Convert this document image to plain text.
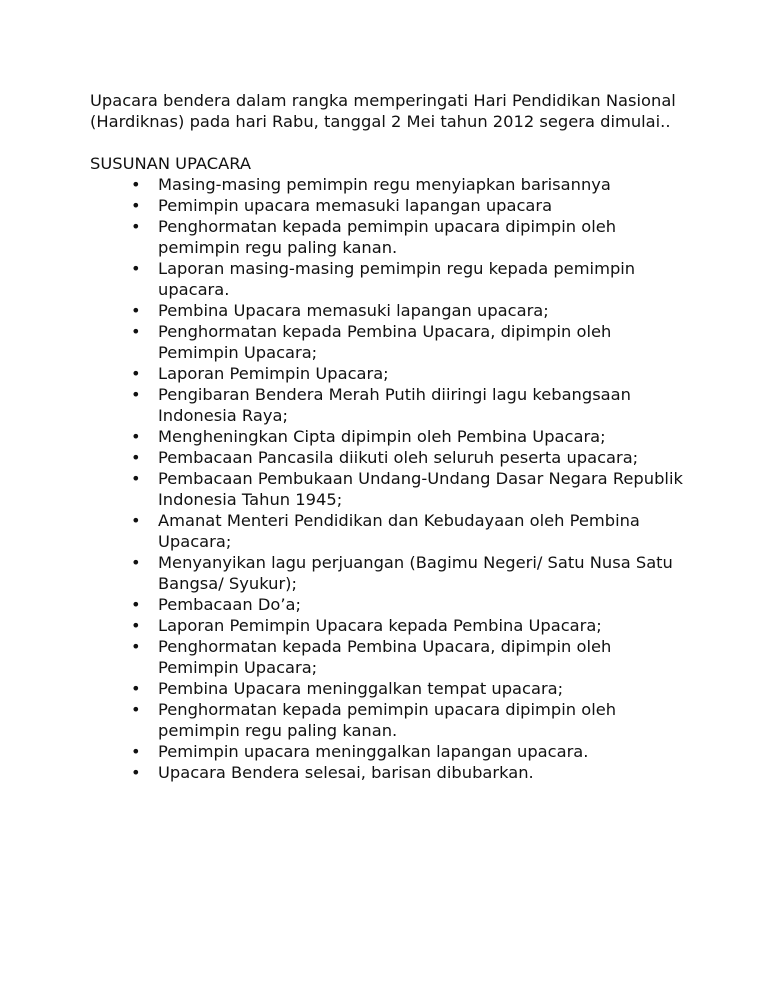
Upacara bendera dalam rangka memperingati Hari Pendidikan Nasional
(Hardiknas) pada hari Rabu, tanggal 2 Mei tahun 2012 segera dimulai..

SUSUNAN UPACARA

• Masing-masing pemimpin regu menyiapkan barisannya
• Pemimpin upacara memasuki lapangan upacara
• Penghormatan kepada pemimpin upacara dipimpin oleh pemimpin regu paling kanan.
• Laporan masing-masing pemimpin regu kepada pemimpin upacara.
• Pembina Upacara memasuki lapangan upacara;
• Penghormatan kepada Pembina Upacara, dipimpin oleh Pemimpin Upacara;
• Laporan Pemimpin Upacara;
• Pengibaran Bendera Merah Putih diiringi lagu kebangsaan Indonesia Raya;
• Mengheningkan Cipta dipimpin oleh Pembina Upacara;
• Pembacaan Pancasila diikuti oleh seluruh peserta upacara;
• Pembacaan Pembukaan Undang-Undang Dasar Negara Republik Indonesia Tahun 1945;
• Amanat Menteri Pendidikan dan Kebudayaan oleh Pembina Upacara;
• Menyanyikan lagu perjuangan (Bagimu Negeri/ Satu Nusa Satu Bangsa/ Syukur);
• Pembacaan Do’a;
• Laporan Pemimpin Upacara kepada Pembina Upacara;
• Penghormatan kepada Pembina Upacara, dipimpin oleh Pemimpin Upacara;
• Pembina Upacara meninggalkan tempat upacara;
• Penghormatan kepada pemimpin upacara dipimpin oleh pemimpin regu paling kanan.
• Pemimpin upacara meninggalkan lapangan upacara.
• Upacara Bendera selesai, barisan dibubarkan.
